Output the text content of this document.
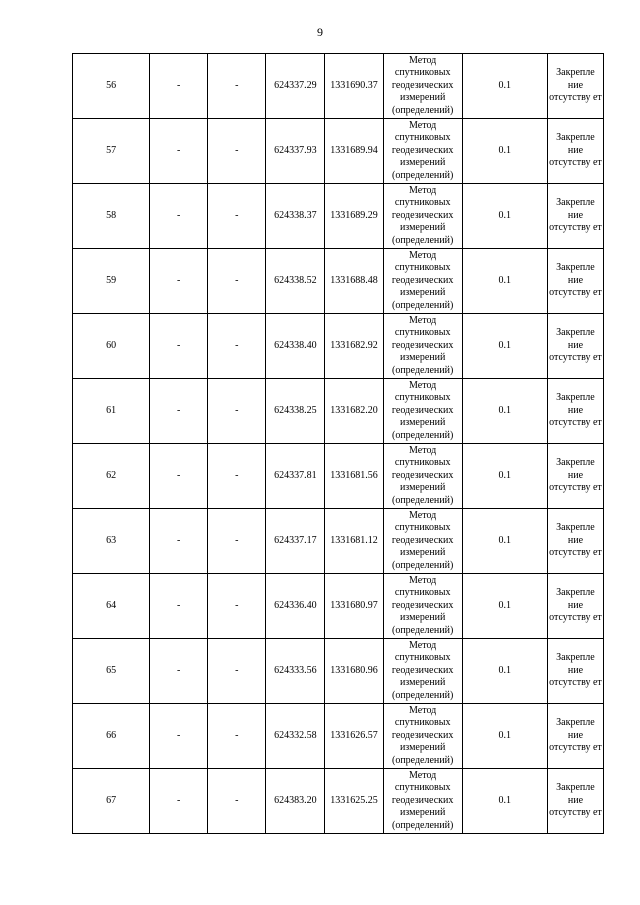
9
56	-	-	624337.29	1331690.37	Метод спутниковых геодезических измерений (определений)	0.1	Закрепле ние отсутству ет
57	-	-	624337.93	1331689.94	Метод спутниковых геодезических измерений (определений)	0.1	Закрепле ние отсутству ет
58	-	-	624338.37	1331689.29	Метод спутниковых геодезических измерений (определений)	0.1	Закрепле ние отсутству ет
59	-	-	624338.52	1331688.48	Метод спутниковых геодезических измерений (определений)	0.1	Закрепле ние отсутству ет
60	-	-	624338.40	1331682.92	Метод спутниковых геодезических измерений (определений)	0.1	Закрепле ние отсутству ет
61	-	-	624338.25	1331682.20	Метод спутниковых геодезических измерений (определений)	0.1	Закрепле ние отсутству ет
62	-	-	624337.81	1331681.56	Метод спутниковых геодезических измерений (определений)	0.1	Закрепле ние отсутству ет
63	-	-	624337.17	1331681.12	Метод спутниковых геодезических измерений (определений)	0.1	Закрепле ние отсутству ет
64	-	-	624336.40	1331680.97	Метод спутниковых геодезических измерений (определений)	0.1	Закрепле ние отсутству ет
65	-	-	624333.56	1331680.96	Метод спутниковых геодезических измерений (определений)	0.1	Закрепле ние отсутству ет
66	-	-	624332.58	1331626.57	Метод спутниковых геодезических измерений (определений)	0.1	Закрепле ние отсутству ет
67	-	-	624383.20	1331625.25	Метод спутниковых геодезических измерений (определений)	0.1	Закрепле ние отсутству ет
